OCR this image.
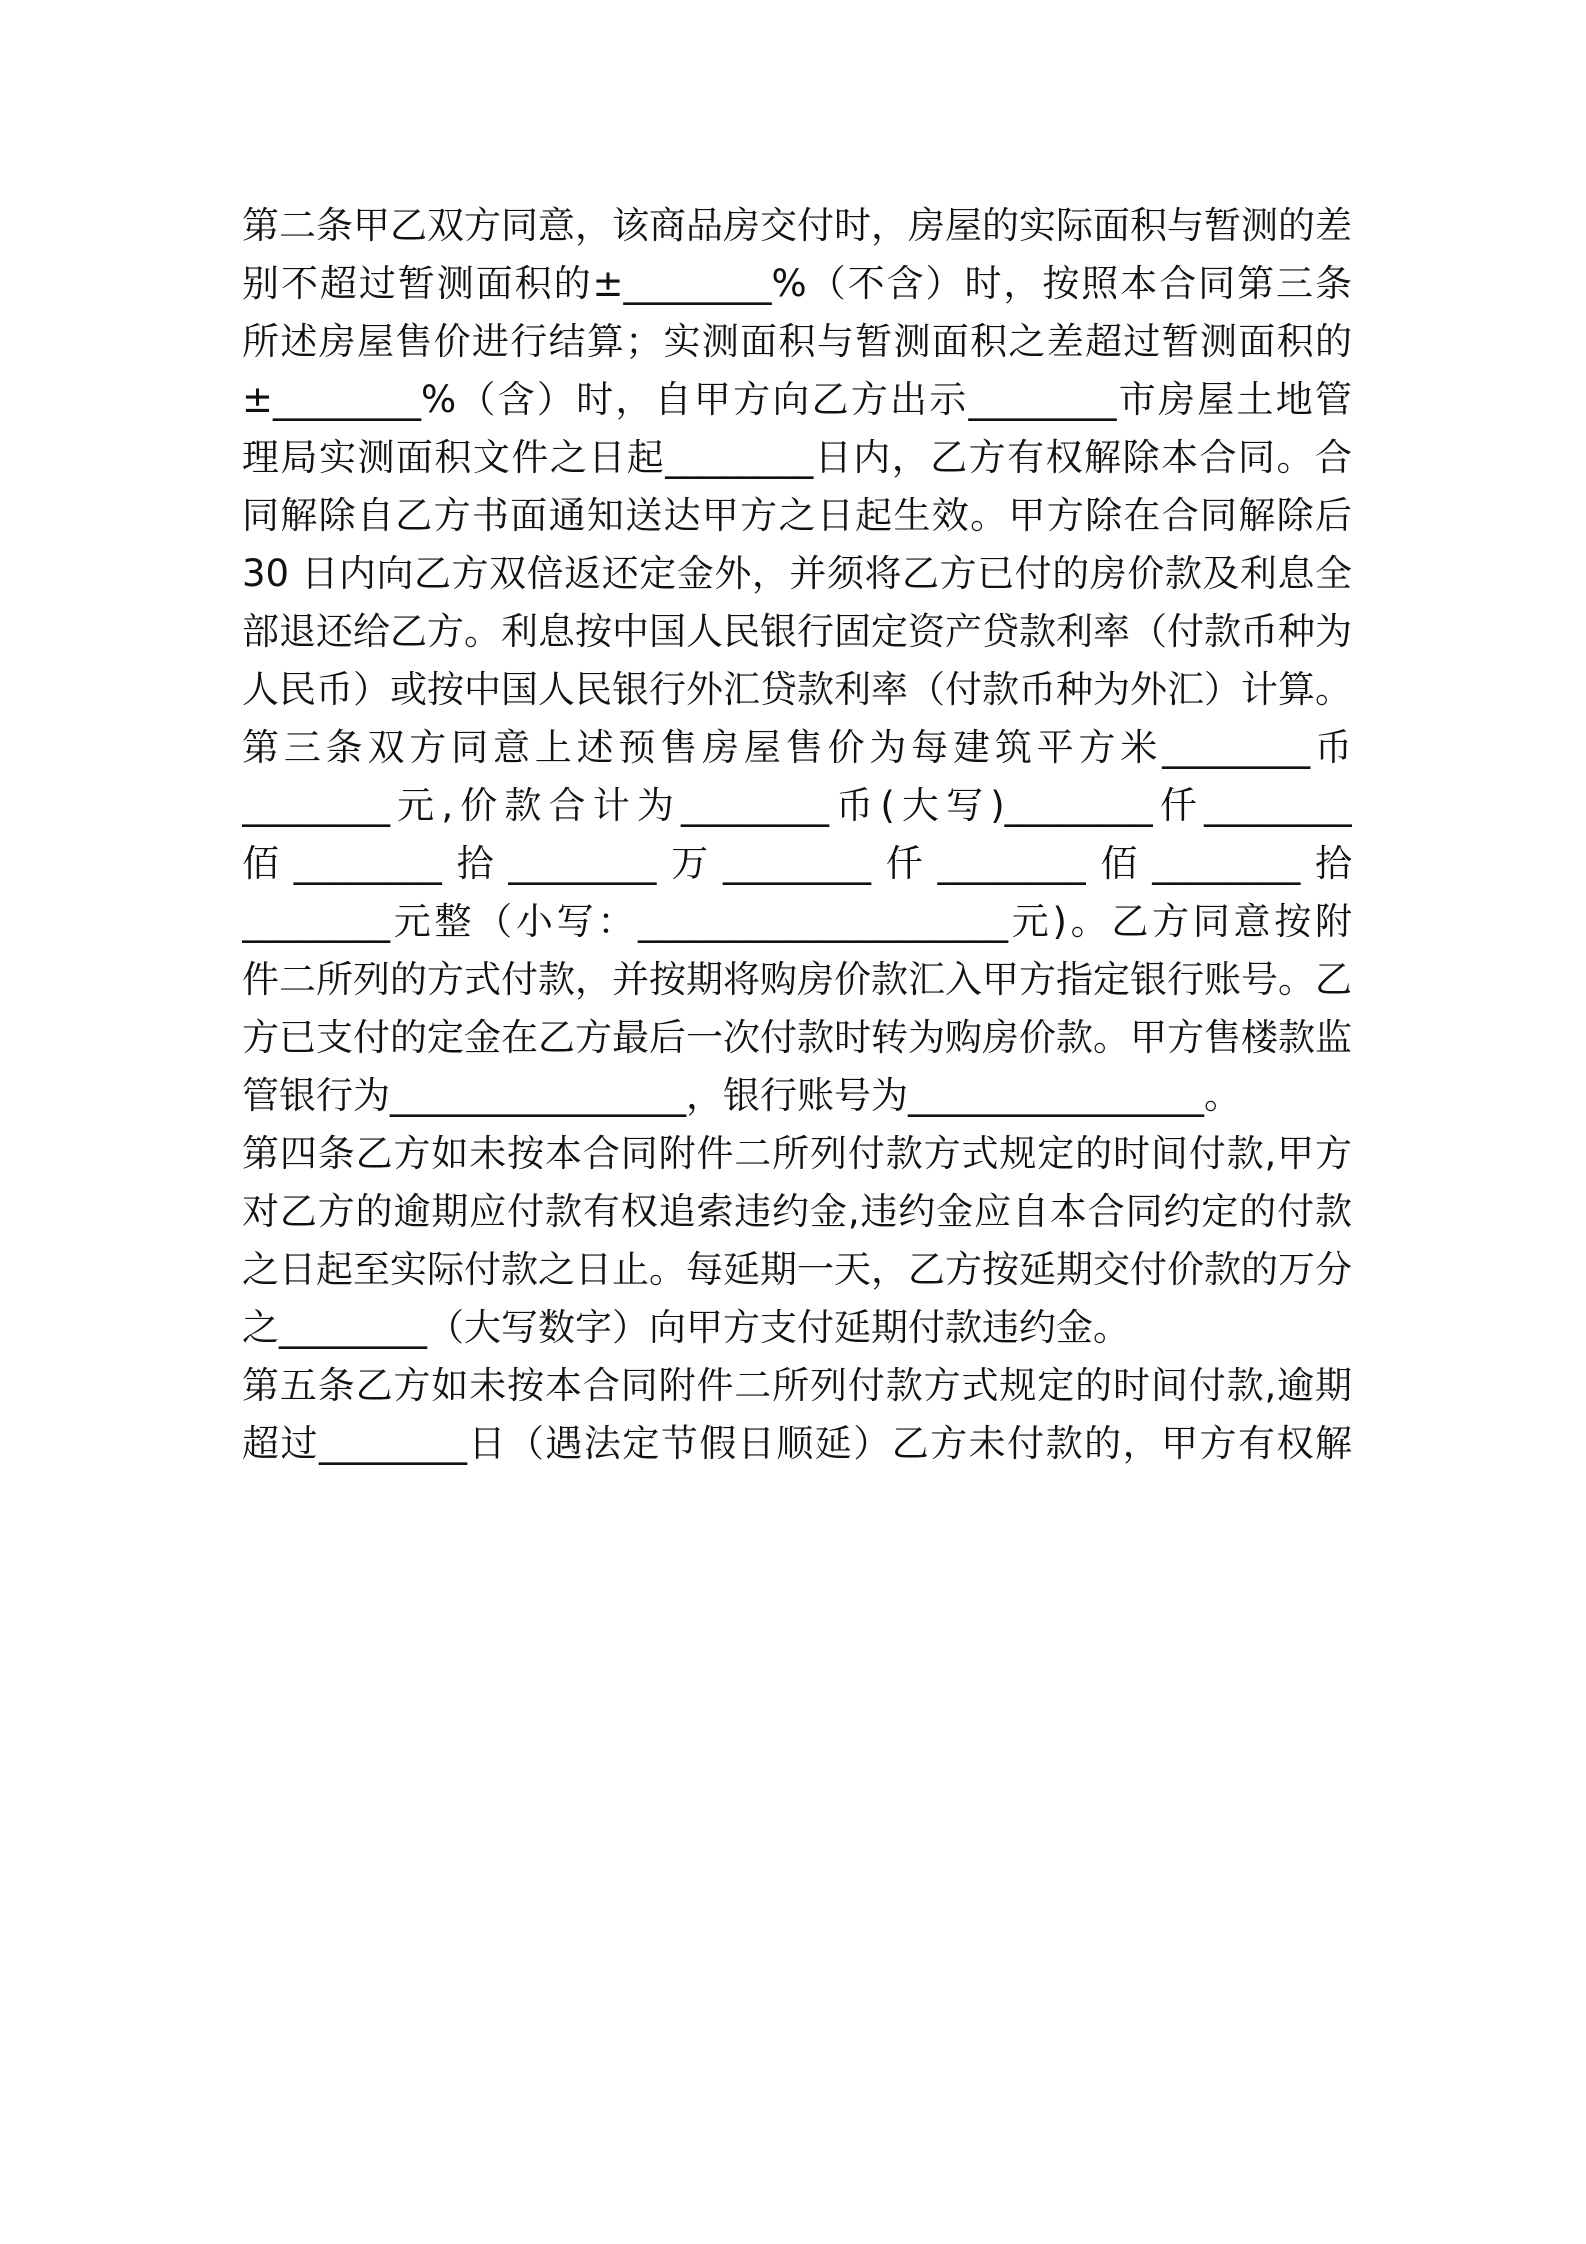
第二条甲乙双方同意，该商品房交付时，房屋的实际面积与暂测的差
别不超过暂测面积的±________%（不含）时，按照本合同第三条
所述房屋售价进行结算；实测面积与暂测面积之差超过暂测面积的
±________%（含）时，自甲方向乙方出示________市房屋土地管
理局实测面积文件之日起________日内，乙方有权解除本合同。合
同解除自乙方书面通知送达甲方之日起生效。甲方除在合同解除后
30 日内向乙方双倍返还定金外，并须将乙方已付的房价款及利息全
部退还给乙方。利息按中国人民银行固定资产贷款利率（付款币种为
人民币）或按中国人民银行外汇贷款利率（付款币种为外汇）计算。
第三条双方同意上述预售房屋售价为每建筑平方米________币
________元,价款合计为________币(大写)________仟________
佰________拾________万________仟________佰________拾
________元整（小写：____________________元)。乙方同意按附
件二所列的方式付款，并按期将购房价款汇入甲方指定银行账号。乙
方已支付的定金在乙方最后一次付款时转为购房价款。甲方售楼款监
管银行为________________，银行账号为________________。
第四条乙方如未按本合同附件二所列付款方式规定的时间付款,甲方
对乙方的逾期应付款有权追索违约金,违约金应自本合同约定的付款
之日起至实际付款之日止。每延期一天，乙方按延期交付价款的万分
之________（大写数字）向甲方支付延期付款违约金。
第五条乙方如未按本合同附件二所列付款方式规定的时间付款,逾期
超过________日（遇法定节假日顺延）乙方未付款的，甲方有权解
